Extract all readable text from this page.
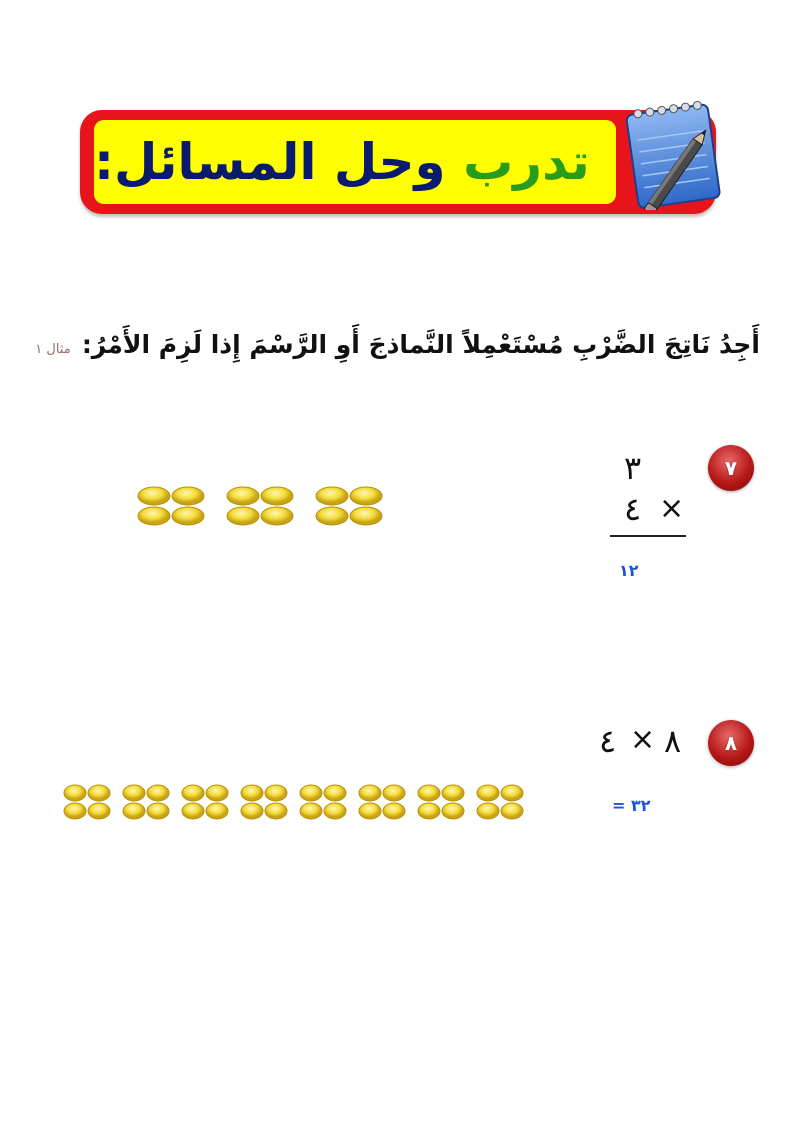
تدرب وحل المسائل:
أَجِدُ نَاتِجَ الضَّرْبِ مُسْتَعْمِلاً النَّماذجَ أَوِ الرَّسْمَ إِذا لَزِمَ الأَمْرُ: مثال ١
٧
٣
٤ ×
١٢
٨
٤ × ٨
= ٣٢
